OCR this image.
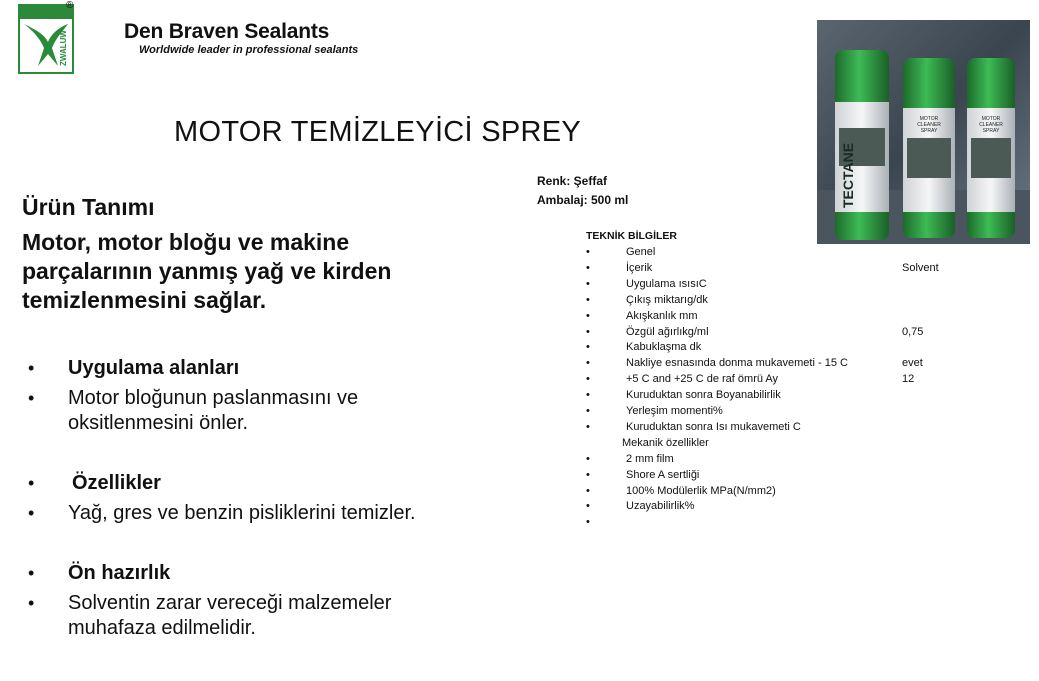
ZWALUW
®
Den Braven Sealants
Worldwide leader in professional sealants
MOTOR TEMİZLEYİCİ SPREY
TECTANE
MOTOR
CLEANER
SPRAY
MOTOR
CLEANER
SPRAY
Renk: Şeffaf
Ambalaj: 500 ml
Ürün Tanımı
Motor, motor bloğu ve makine parçalarının yanmış yağ ve kirden temizlenmesini sağlar.
• Uygulama alanları
• Motor bloğunun paslanmasını ve oksitlenmesini önler.
• Özellikler
• Yağ, gres ve benzin pisliklerini temizler.
• Ön hazırlık
• Solventin zarar vereceği malzemeler muhafaza edilmelidir.
TEKNİK BİLGİLER
•	Genel
•	İçerik	Solvent
•	Uygulama ısısıC
•	Çıkış miktarıg/dk
•	Akışkanlık mm
•	Özgül ağırlıkg/ml	0,75
•	Kabuklaşma dk
•	Nakliye esnasında donma mukavemeti - 15 C	evet
•	+5 C and +25 C de raf ömrü Ay	12
•	Kuruduktan sonra Boyanabilirlik
•	Yerleşim momenti%
•	Kuruduktan sonra Isı mukavemeti C
Mekanik özellikler
•	2 mm film
•	Shore A sertliği
•	100% Modülerlik MPa(N/mm2)
•	Uzayabilirlik%
•
